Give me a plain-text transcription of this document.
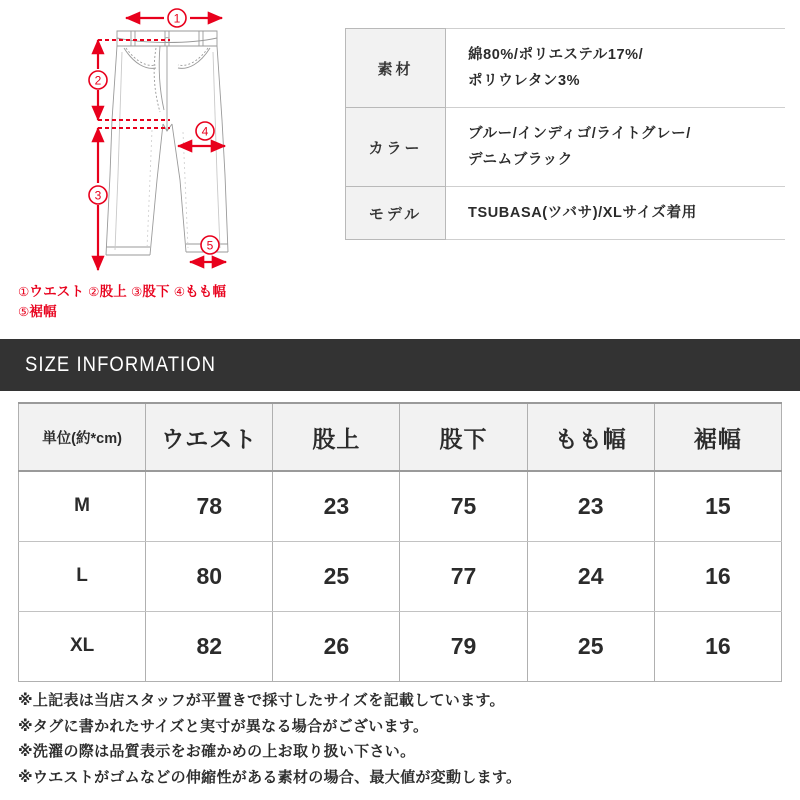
1
2
3
4
5
①ウエスト ②股上 ③股下 ④もも幅
⑤裾幅
素材	綿80%/ポリエステル17%/
ポリウレタン3%

カラー	ブルー/インディゴ/ライトグレー/
デニムブラック

モデル	TSUBASA(ツバサ)/XLサイズ着用
SIZE INFORMATION
単位(約*cm)	ウエスト	股上	股下	もも幅	裾幅
M	78	23	75	23	15
L	80	25	77	24	16
XL	82	26	79	25	16
※上記表は当店スタッフが平置きで採寸したサイズを記載しています。
※タグに書かれたサイズと実寸が異なる場合がございます。
※洗濯の際は品質表示をお確かめの上お取り扱い下さい。
※ウエストがゴムなどの伸縮性がある素材の場合、最大値が変動します。
